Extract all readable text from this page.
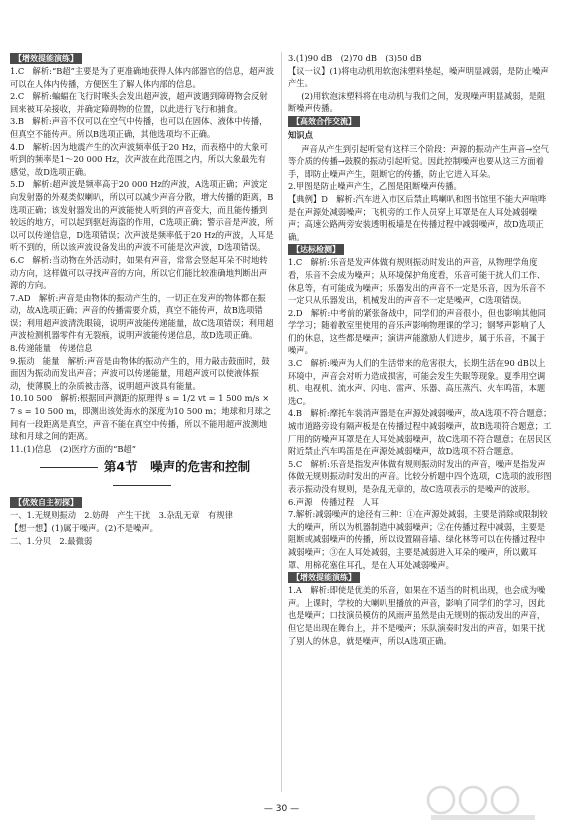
【增效提能演练】

1.C　解析:“B超”主要是为了更准确地获得人体内部器官的信息，超声波可以在人体内传播，方便医生了解人体内部的信息。

2.C　解析:蝙蝠在飞行时喉头会发出超声波，超声波遇到障碍物会反射回来被耳朵接收，并确定障碍物的位置，以此进行飞行和捕食。

3.B　解析:声音不仅可以在空气中传播，也可以在固体、液体中传播，但真空不能传声。所以B选项正确，其他选项均不正确。

4.D　解析:因为地震产生的次声波频率低于20 Hz，而表格中的大象可听到的频率是1～20 000 Hz，次声波在此范围之内，所以大象最先有感觉，故D选项正确。

5.D　解析:超声波是频率高于20 000 Hz的声波，A选项正确；声波定向发射器的外观类似喇叭，所以可以减少声音分散，增大传播的距离，B选项正确；该发射器发出的声波能使人听到的声音变大，而且能传播到较远的地方，可以起到驱赶海盗的作用，C选项正确；警示音是声波，所以可以传递信息，D选项错误；次声波是频率低于20 Hz的声波，人耳是听不到的，所以该声波设备发出的声波不可能是次声波，D选项错误。

6.C　解析:当动物在外活动时，如果有声音，常常会竖起耳朵不时地转动方向，这样做可以寻找声音的方向，所以它们能比较准确地判断出声源的方向。

7.AD　解析:声音是由物体的振动产生的，一切正在发声的物体都在振动，故A选项正确；声音的传播需要介质，真空不能传声，故B选项错误；利用超声波清洗眼镜，说明声波能传递能量，故C选项错误；利用超声波检测机器零件有无裂痕，说明声波能传递信息，故D选项正确。

8.传递能量　传递信息

9.振动　能量　解析:声音是由物体的振动产生的，用力敲击鼓面时，鼓面因为振动而发出声音；声波可以传递能量，用超声波可以使液体振动，使薄膜上的杂质被击落，说明超声波具有能量。

10.10 500　解析:根据回声测距的原理得 s = 1/2 vt = 1 500 m/s × 7 s = 10 500 m，即测出该处海水的深度为10 500 m；地球和月球之间有一段距离是真空，声音不能在真空中传播，所以不能用超声波测地球和月球之间的距离。

11.(1)信息　(2)医疗方面的“B超”

第4节　噪声的危害和控制
【优效自主初探】

一、1.无规则振动　2.妨碍　产生干扰　3.杂乱无章　有规律

【想一想】(1)属于噪声。(2)不是噪声。

二、1.分贝　2.最微弱

3.(1)90 dB　(2)70 dB　(3)50 dB

【议一议】(1)将电动机用软泡沫塑料垫起，噪声明显减弱，是防止噪声产生。

(2)用软泡沫塑料将在电动机与我们之间，发现噪声明显减弱，是阻断噪声传播。

【高效合作交流】
知识点

声音从产生到引起听觉有这样三个阶段：声源的振动产生声音→空气等介质的传播→鼓膜的振动引起听觉。因此控制噪声也要从这三方面着手，即防止噪声产生，阻断它的传播，防止它进入耳朵。

2.甲图是防止噪声产生，乙图是阻断噪声传播。

【典例】D　解析:汽车进入市区后禁止鸣喇叭和图书馆里不能大声喧哗是在声源处减弱噪声；飞机旁的工作人员穿上耳罩是在人耳处减弱噪声；高速公路两旁安装透明板墙是在传播过程中减弱噪声，故D选项正确。

【达标检测】

1.C　解析:乐音是发声体做有规则振动时发出的声音，从物理学角度看，乐音不会成为噪声；从环境保护角度看，乐音可能干扰人们工作、休息等，有可能成为噪声；乐器发出的声音不一定是乐音，因为乐音不一定只从乐器发出，机械发出的声音不一定是噪声，C选项错误。

2.D　解析:中考前的紧张备战中，同学们的声音很小，但也影响其他同学学习；随着教室里使用的音乐声影响物理课的学习；钢琴声影响了人们的休息，这些都是噪声；演讲声能激励人们进步，属于乐音，不属于噪声。

3.C　解析:噪声为人们的生活带来的危害很大，长期生活在90 dB以上环境中，声音会对听力造成损害，可能会发生失眠等现象。夏季用空调机、电视机、流水声、闪电、雷声、乐器、高压蒸汽、火车鸣笛，本题选C。

4.B　解析:摩托车装消声器是在声源处减弱噪声，故A选项不符合题意；城市道路旁设有隔声板是在传播过程中减弱噪声，故B选项符合题意；工厂用的防噪声耳罩是在人耳处减弱噪声，故C选项不符合题意；在居民区附近禁止汽车鸣笛是在声源处减弱噪声，故D选项不符合题意。

5.C　解析:乐音是指发声体做有规则振动时发出的声音，噪声是指发声体做无规则振动时发出的声音。比较分析题中四个选项，C选项的波形图表示振动没有规则，是杂乱无章的，故C选项表示的是噪声的波形。

6.声源　传播过程　人耳

7.解析:减弱噪声的途径有三种：①在声源处减弱，主要是消除或限制较大的噪声，所以为机器制造中减弱噪声；②在传播过程中减弱，主要是阻断或减弱噪声的传播，所以设置隔音墙、绿化林等可以在传播过程中减弱噪声；③在人耳处减弱，主要是减弱进入耳朵的噪声，所以戴耳罩、用棉花塞住耳孔，是在人耳处减弱噪声。

【增效提能演练】

1.A　解析:即使是优美的乐音，如果在不适当的时机出现，也会成为噪声。上课时，学校的大喇叭里播放的声音，影响了同学们的学习，因此也是噪声；口技演员模仿的风雨声虽然是由无规则的振动发出的声音，但它是出现在舞台上，并不是噪声；乐队演奏时发出的声音，如果干扰了别人的休息，就是噪声，所以A选项正确。

— 30 —
